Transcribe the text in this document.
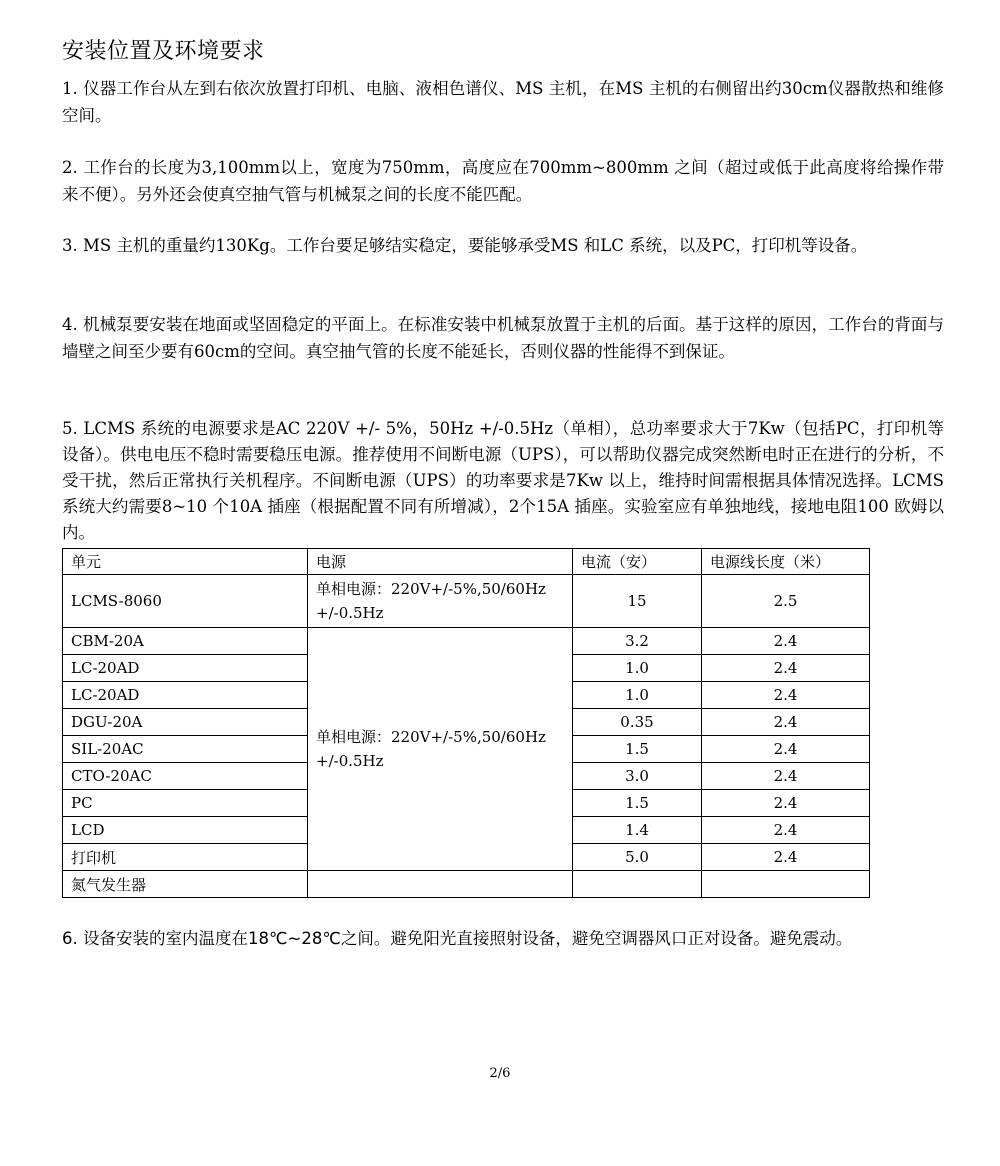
安装位置及环境要求

1. 仪器工作台从左到右依次放置打印机、电脑、液相色谱仪、MS 主机，在MS 主机的右侧留出约30cm仪器散热和维修空间。

2. 工作台的长度为3,100mm以上，宽度为750mm，高度应在700mm~800mm 之间（超过或低于此高度将给操作带来不便）。另外还会使真空抽气管与机械泵之间的长度不能匹配。

3. MS 主机的重量约130Kg。工作台要足够结实稳定，要能够承受MS 和LC 系统，以及PC，打印机等设备。

4. 机械泵要安装在地面或坚固稳定的平面上。在标准安装中机械泵放置于主机的后面。基于这样的原因，工作台的背面与墙壁之间至少要有60cm的空间。真空抽气管的长度不能延长，否则仪器的性能得不到保证。

5. LCMS 系统的电源要求是AC 220V +/- 5%，50Hz +/-0.5Hz（单相），总功率要求大于7Kw（包括PC，打印机等设备）。供电电压不稳时需要稳压电源。推荐使用不间断电源（UPS），可以帮助仪器完成突然断电时正在进行的分析，不受干扰，然后正常执行关机程序。不间断电源（UPS）的功率要求是7Kw 以上，维持时间需根据具体情况选择。LCMS 系统大约需要8~10 个10A 插座（根据配置不同有所增减），2个15A 插座。实验室应有单独地线，接地电阻100 欧姆以内。

单元	电源	电流（安）	电源线长度（米）
LCMS-8060	单相电源：220V+/-5%,50/60Hz +/-0.5Hz	15	2.5
CBM-20A	单相电源：220V+/-5%,50/60Hz +/-0.5Hz	3.2	2.4
LC-20AD		1.0	2.4
LC-20AD		1.0	2.4
DGU-20A		0.35	2.4
SIL-20AC		1.5	2.4
CTO-20AC		3.0	2.4
PC		1.5	2.4
LCD		1.4	2.4
打印机		5.0	2.4
氮气发生器			

6. 设备安装的室内温度在18℃~28℃之间。避免阳光直接照射设备，避免空调器风口正对设备。避免震动。

2/6
